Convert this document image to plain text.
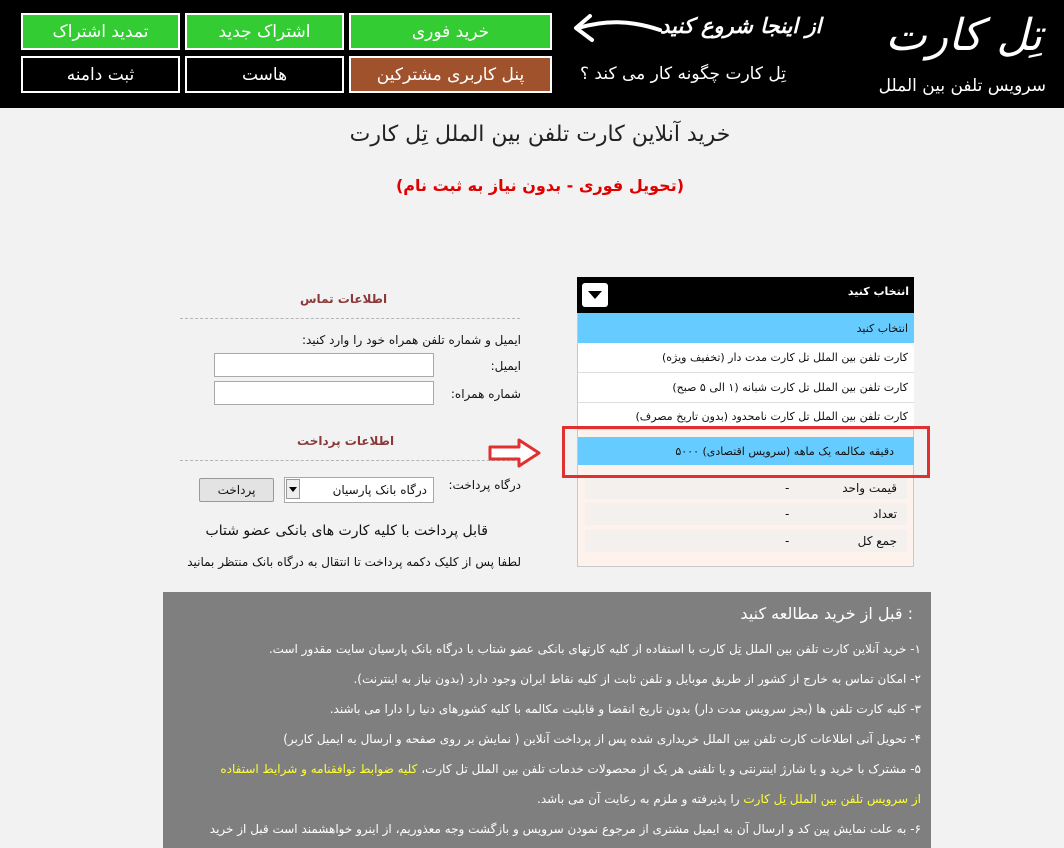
تمدید اشتراک	اشتراک جدید	خرید فوری
ثبت دامنه	هاست	پنل کاربری مشترکین
از اینجا شروع کنید
تِل کارت چگونه کار می کند ؟
تِل کارت
سرویس تلفن بین الملل
خرید آنلاین کارت تلفن بین الملل تِل کارت
(تحویل فوری - بدون نیاز به ثبت نام)
اطلاعات تماس
ایمیل و شماره تلفن همراه خود را وارد کنید:
ایمیل:
شماره همراه:
اطلاعات پرداخت
درگاه پرداخت:
درگاه بانک پارسیان
پرداخت
قابل پرداخت با کلیه کارت های بانکی عضو شتاب
لطفا پس از کلیک دکمه پرداخت تا انتقال به درگاه بانک منتظر بمانید
انتخاب کنید
انتخاب کنید
کارت تلفن بین الملل تل کارت مدت دار (تخفیف ویژه)
کارت تلفن بین الملل تل کارت شبانه (۱ الی ۵ صبح)
کارت تلفن بین الملل تل کارت نامحدود (بدون تاریخ مصرف)
۵۰۰۰ دقیقه مکالمه یک ماهه (سرویس اقتصادی)
قیمت واحد
-
تعداد
-
جمع کل
-
قبل از خرید مطالعه کنید :
۱- خرید آنلاین کارت تلفن بین الملل تِل کارت با استفاده از کلیه کارتهای بانکی عضو شتاب با درگاه بانک پارسیان سایت مقدور است.
۲- امکان تماس به خارج از کشور از طریق موبایل و تلفن ثابت از کلیه نقاط ایران وجود دارد (بدون نیاز به اینترنت).
۳- کلیه کارت تلفن ها (بجز سرویس مدت دار) بدون تاریخ انقضا و قابلیت مکالمه با کلیه کشورهای دنیا را دارا می باشند.
۴- تحویل آنی اطلاعات کارت تلفن بین الملل خریداری شده پس از پرداخت آنلاین ( نمایش بر روی صفحه و ارسال به ایمیل کاربر)
۵- مشترک با خرید و یا شارژ اینترنتی و یا تلفنی هر یک از محصولات خدمات تلفن بین الملل تل کارت، کلیه ضوابط توافقنامه و شرایط استفاده
از سرویس تلفن بین الملل تِل کارت را پذیرفته و ملزم به رعایت آن می باشد.
۶- به علت نمایش پین کد و ارسال آن به ایمیل مشتری از مرجوع نمودن سرویس و بازگشت وجه معذوریم، از اینرو خواهشمند است قبل از خرید
